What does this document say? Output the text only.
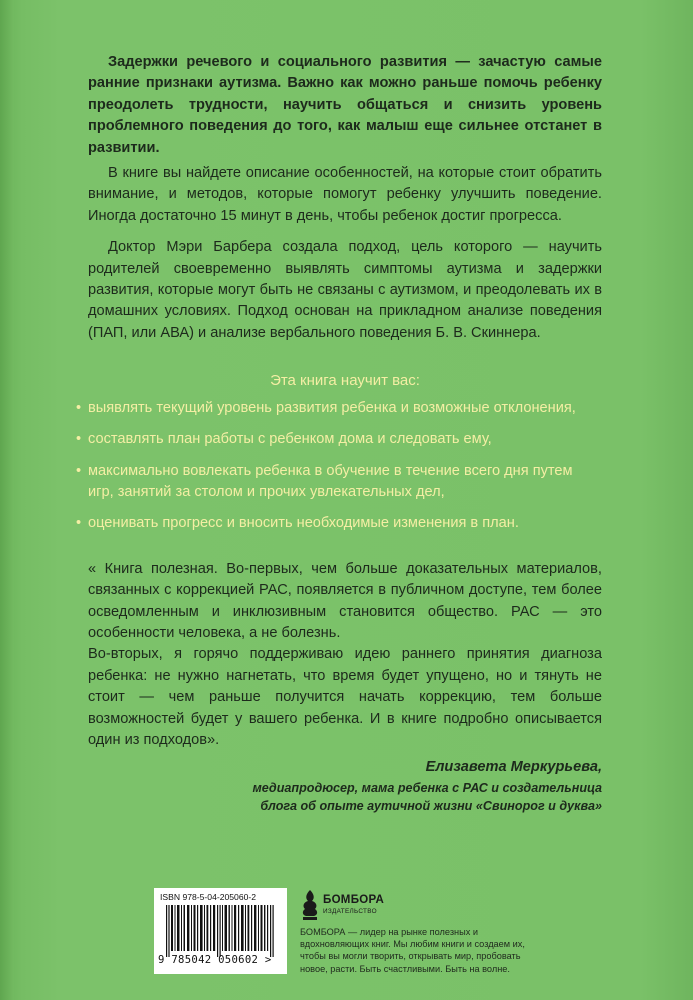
Задержки речевого и социального развития — зачастую самые ранние признаки аутизма. Важно как можно раньше помочь ребенку преодолеть трудности, научить общаться и снизить уровень проблемного поведения до того, как малыш еще сильнее отстанет в развитии.

В книге вы найдете описание особенностей, на которые стоит обратить внимание, и методов, которые помогут ребенку улучшить поведение. Иногда достаточно 15 минут в день, чтобы ребенок достиг прогресса.

Доктор Мэри Барбера создала подход, цель которого — научить родителей своевременно выявлять симптомы аутизма и задержки развития, которые могут быть не связаны с аутизмом, и преодолевать их в домашних условиях. Подход основан на прикладном анализе поведения (ПАП, или АВА) и анализе вербального поведения Б. В. Скиннера.

Эта книга научит вас:
• выявлять текущий уровень развития ребенка и возможные отклонения,
• составлять план работы с ребенком дома и следовать ему,
• максимально вовлекать ребенка в обучение в течение всего дня путем игр, занятий за столом и прочих увлекательных дел,
• оценивать прогресс и вносить необходимые изменения в план.

« Книга полезная. Во-первых, чем больше доказательных материалов, связанных с коррекцией РАС, появляется в публичном доступе, тем более осведомленным и инклюзивным становится общество. РАС — это особенности человека, а не болезнь.

Во-вторых, я горячо поддерживаю идею раннего принятия диагноза ребенка: не нужно нагнетать, что время будет упущено, но и тянуть не стоит — чем раньше получится начать коррекцию, тем больше возможностей будет у вашего ребенка. И в книге подробно описывается один из подходов».

Елизавета Меркурьева,
медиапродюсер, мама ребенка с РАС и создательница
блога об опыте аутичной жизни «Свинорог и дуква»
ISBN 978-5-04-205060-2
9 785042 050602 >
БОМБОРА
ИЗДАТЕЛЬСТВО
БОМБОРА — лидер на рынке полезных и вдохновляющих книг. Мы любим книги и создаем их, чтобы вы могли творить, открывать мир, пробовать новое, расти. Быть счастливыми. Быть на волне.
